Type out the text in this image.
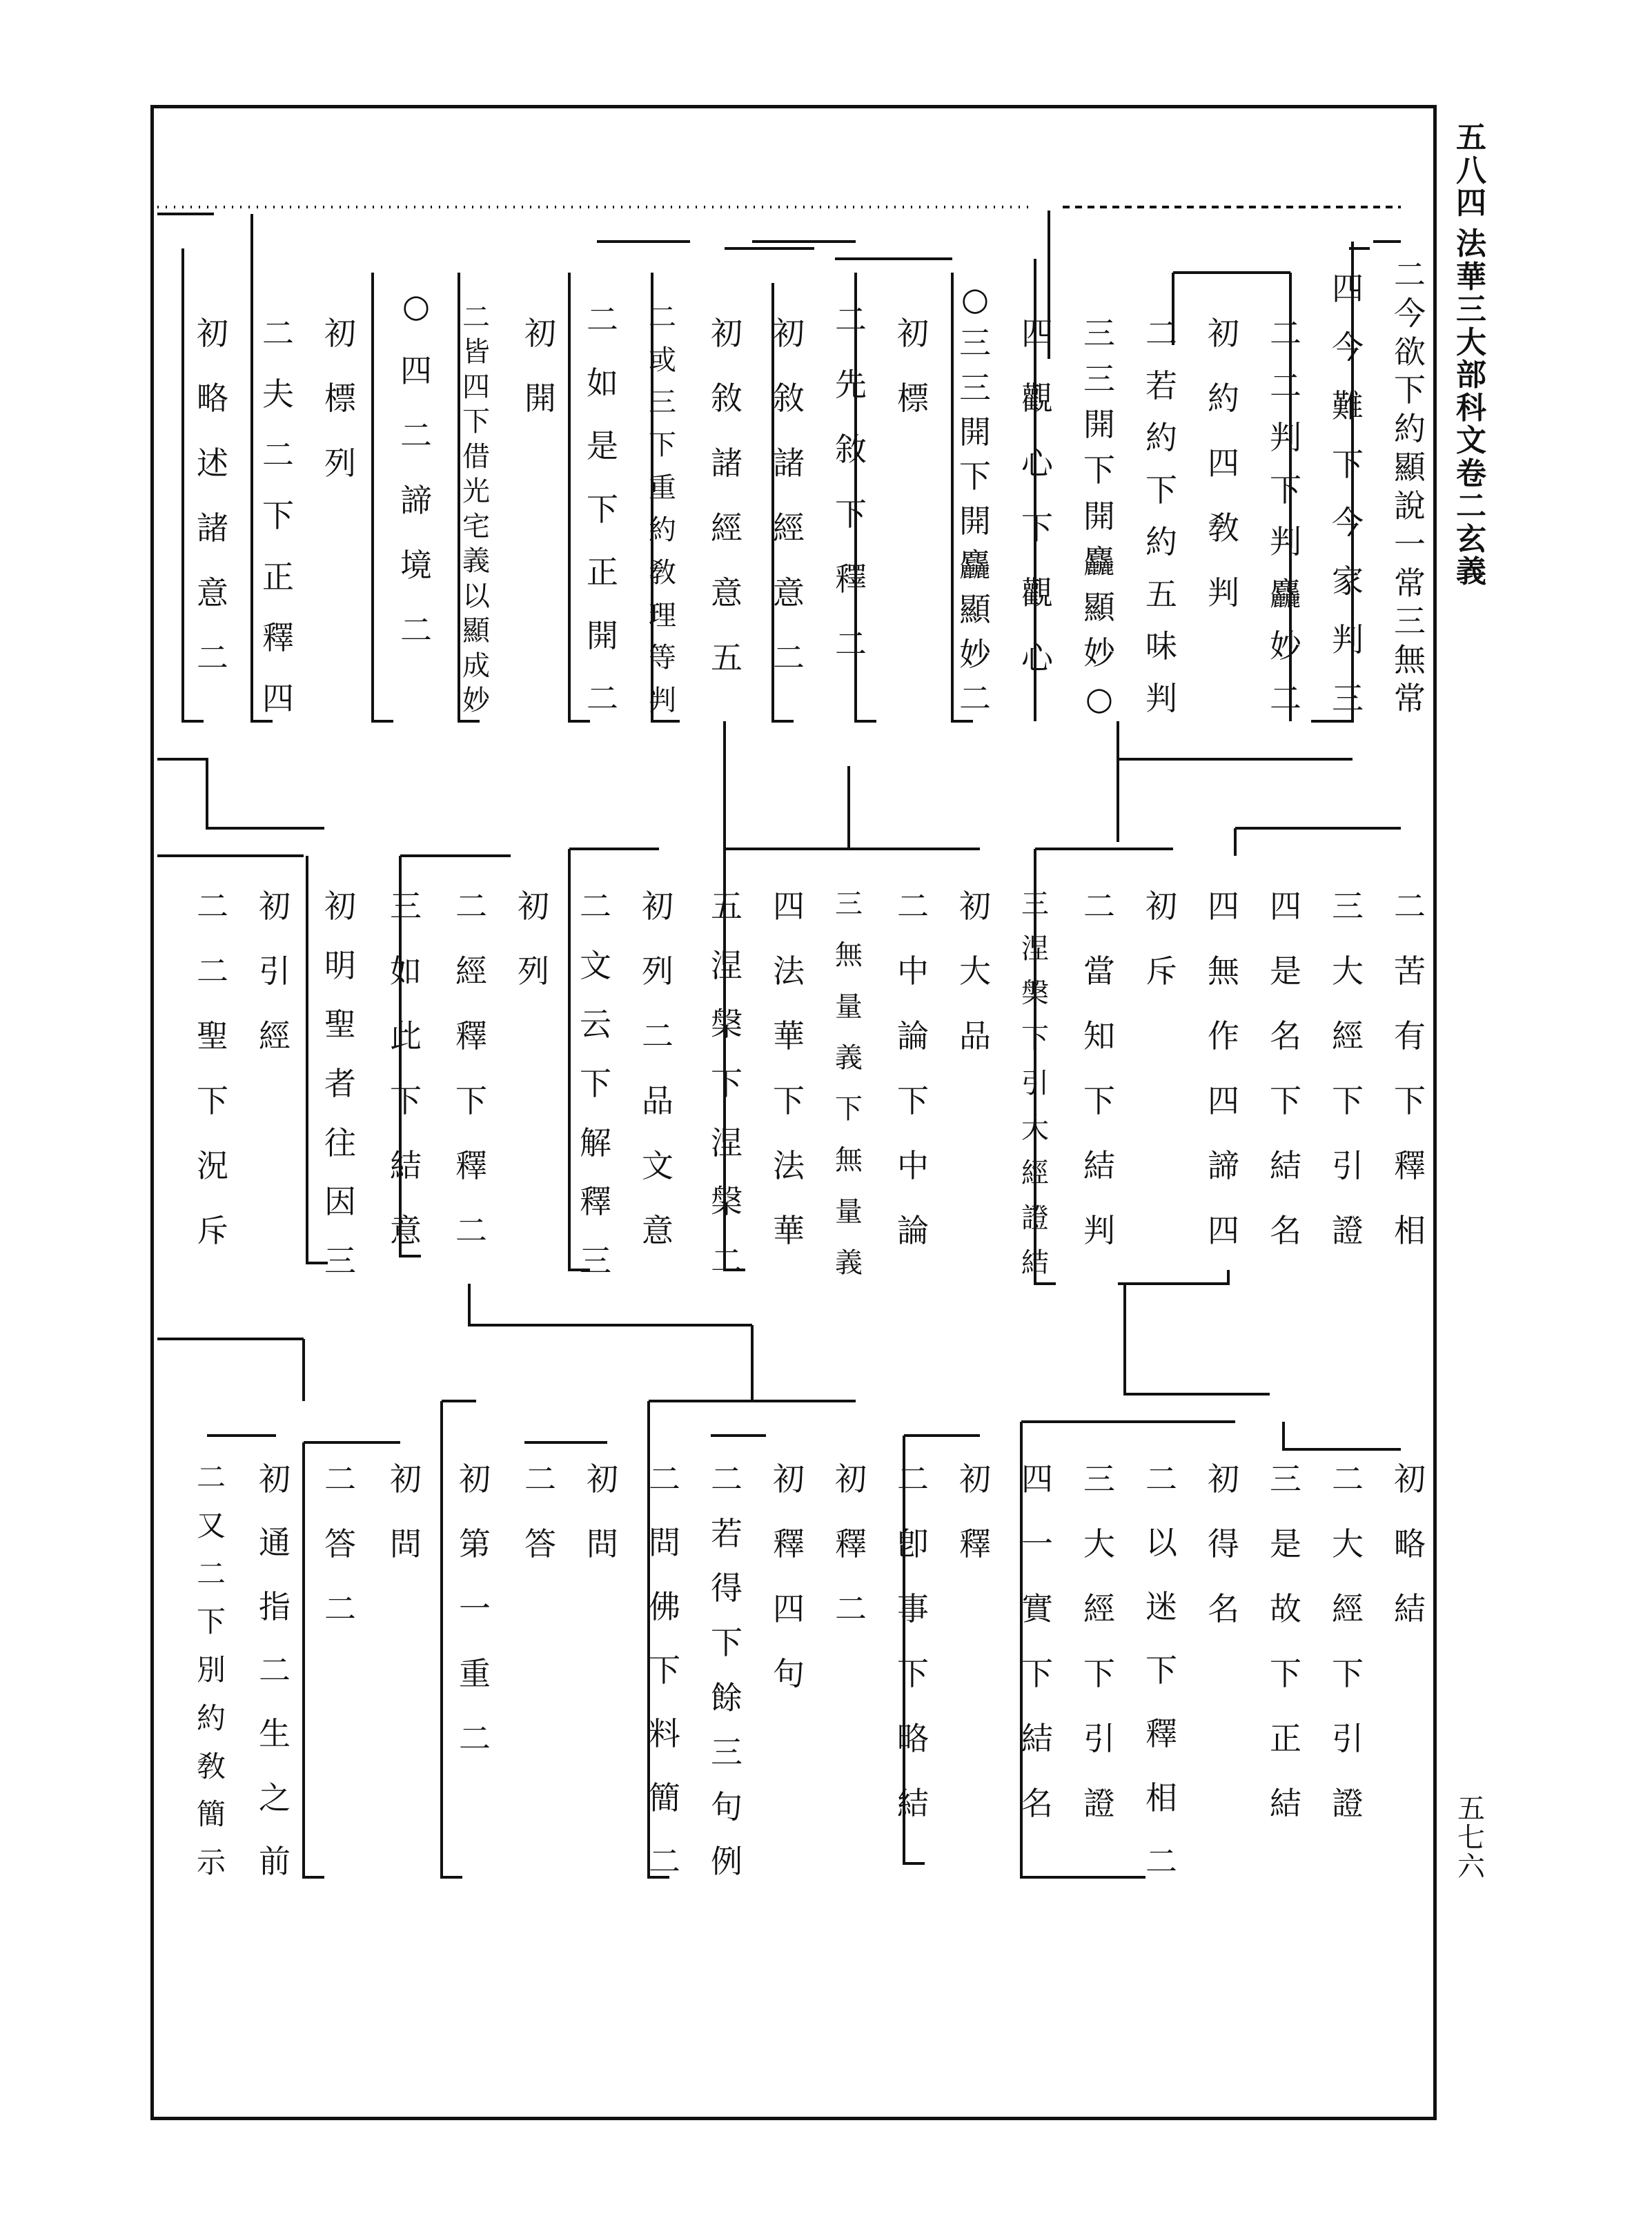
五
八
四
法
華
三
大
部
科
文
卷
二
玄
義
五
七
六
二
今
欲
下
約
顯
說
一
常
三
無
常
四
今
難
下
今
家
判
三
二
二
判
下
判
麤
妙
二
初
約
四
敎
判
二
若
約
下
約
五
味
判
三
三
開
下
開
麤
顯
妙
○
四
觀
心
下
觀
心
○
三
三
開
下
開
麤
顯
妙
二
初
標
二
先
敘
下
釋
二
初
敘
諸
經
意
二
初
敘
諸
經
意
五
二
或
三
下
重
約
敎
理
等
判
二
如
是
下
正
開
二
初
開
二
皆
四
下
借
光
宅
義
以
顯
成
妙
○
四
二
諦
境
二
初
標
列
二
夫
二
下
正
釋
四
初
略
述
諸
意
二
二
苦
有
下
釋
相
三
大
經
下
引
證
四
是
名
下
結
名
四
無
作
四
諦
四
初
斥
二
當
知
下
結
判
三
涅
槃
下
引
大
經
證
結
初
大
品
二
中
論
下
中
論
三
無
量
義
下
無
量
義
四
法
華
下
法
華
五
涅
槃
下
涅
槃
二
初
列
二
品
文
意
二
文
云
下
解
釋
三
初
列
二
經
釋
下
釋
二
三
如
此
下
結
意
初
明
聖
者
往
因
三
初
引
經
二
二
聖
下
況
斥
初
略
結
二
大
經
下
引
證
三
是
故
下
正
結
初
得
名
二
以
迷
下
釋
相
二
三
大
經
下
引
證
四
一
實
下
結
名
初
釋
二
卽
事
下
略
結
初
釋
二
初
釋
四
句
二
若
得
下
餘
三
句
例
二
問
佛
下
料
簡
二
初
問
二
答
初
第
一
重
二
初
問
二
答
二
初
通
指
二
生
之
前
二
又
二
下
別
約
敎
簡
示
